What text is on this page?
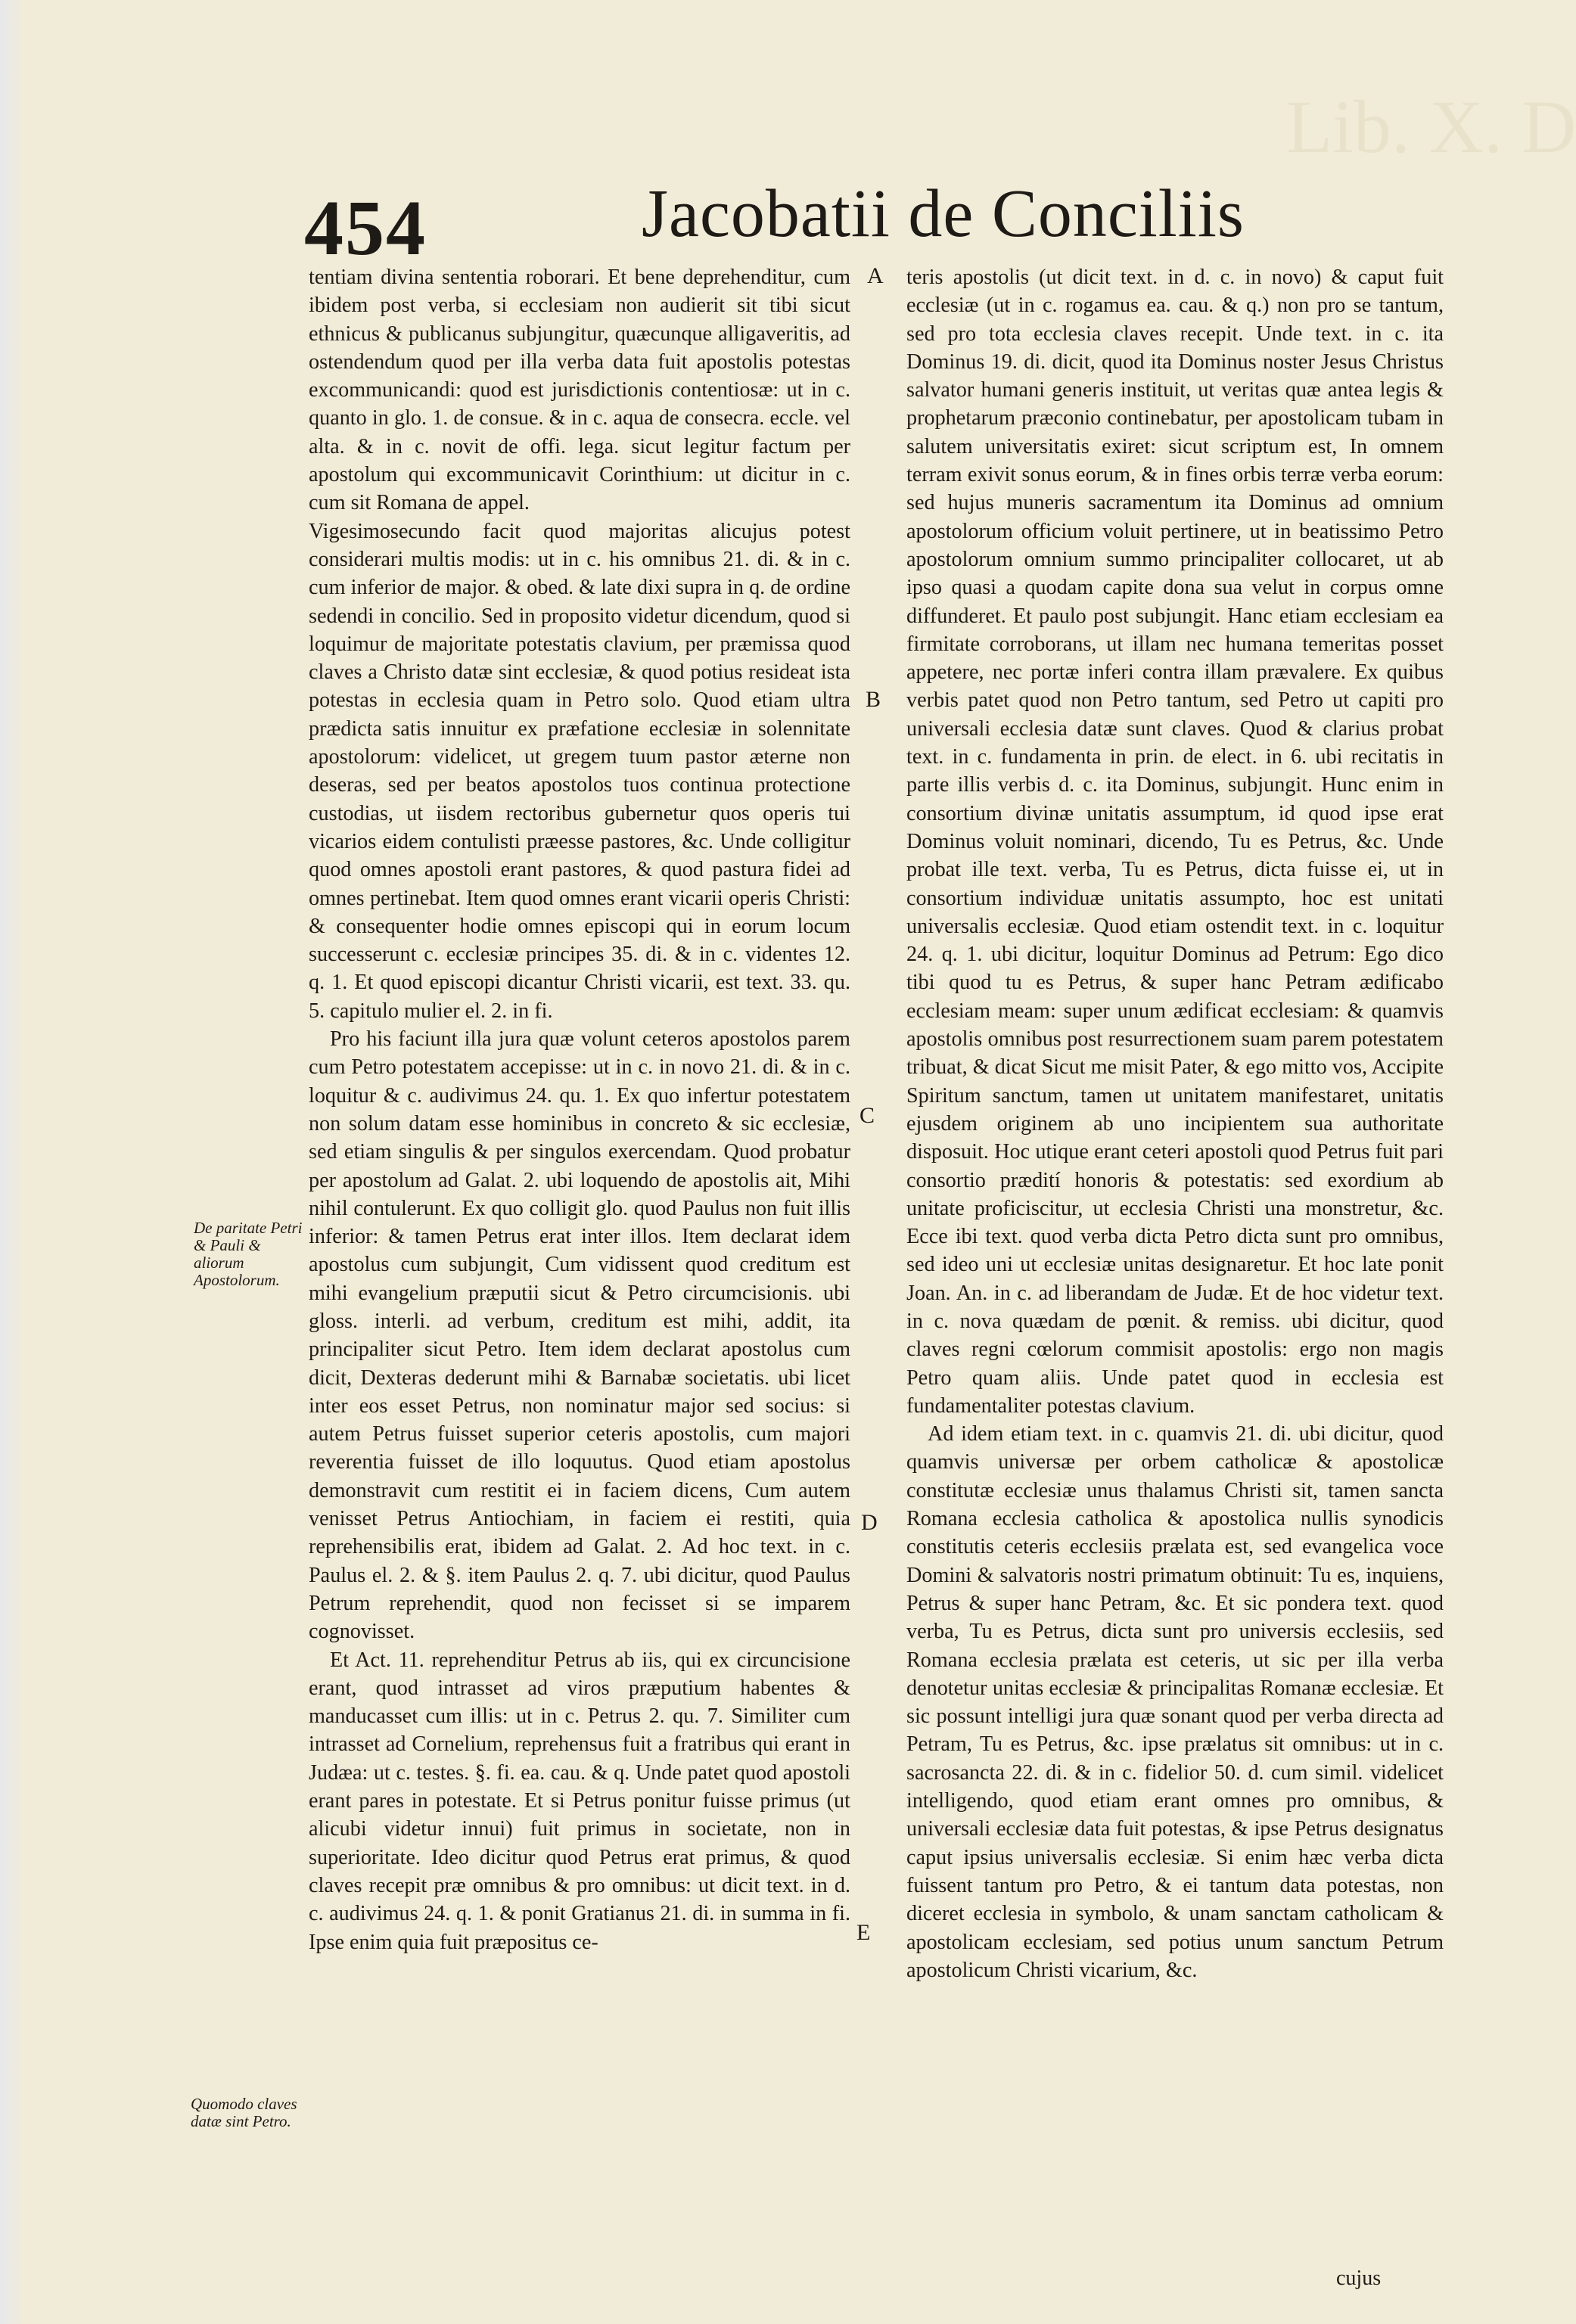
Lib. X. D
454	Jacobatii de Conciliis

tentiam divina sententia roborari. Et bene deprehenditur, cum ibidem post verba, si ecclesiam non audierit sit tibi sicut ethnicus & publicanus subjungitur, quæcunque alligaveritis, ad ostendendum quod per illa verba data fuit apostolis potestas excommunicandi: quod est jurisdictionis contentiosæ: ut in c. quanto in glo. 1. de consue. & in c. aqua de consecra. eccle. vel alta. & in c. novit de offi. lega. sicut legitur factum per apostolum qui excommunicavit Corinthium: ut dicitur in c. cum sit Romana de appel.

Vigesimosecundo facit quod majoritas alicujus potest considerari multis modis: ut in c. his omnibus 21. di. & in c. cum inferior de major. & obed. & late dixi supra in q. de ordine sedendi in concilio. Sed in proposito videtur dicendum, quod si loquimur de majoritate potestatis clavium, per præmissa quod claves a Christo datæ sint ecclesiæ, & quod potius resideat ista potestas in ecclesia quam in Petro solo. Quod etiam ultra prædicta satis innuitur ex præfatione ecclesiæ in solennitate apostolorum: videlicet, ut gregem tuum pastor æterne non deseras, sed per beatos apostolos tuos continua protectione custodias, ut iisdem rectoribus gubernetur quos operis tui vicarios eidem contulisti præesse pastores, &c. Unde colligitur quod omnes apostoli erant pastores, & quod pastura fidei ad omnes pertinebat. Item quod omnes erant vicarii operis Christi: & consequenter hodie omnes episcopi qui in eorum locum successerunt c. ecclesiæ principes 35. di. & in c. videntes 12. q. 1. Et quod episcopi dicantur Christi vicarii, est text. 33. qu. 5. capitulo mulier el. 2. in fi.

Pro his faciunt illa jura quæ volunt ceteros apostolos parem cum Petro potestatem accepisse: ut in c. in novo 21. di. & in c. loquitur & c. audivimus 24. qu. 1. Ex quo infertur potestatem non solum datam esse hominibus in concreto & sic ecclesiæ, sed etiam singulis & per singulos exercendam. Quod probatur per apostolum ad Galat. 2. ubi loquendo de apostolis ait, Mihi nihil contulerunt. Ex quo colligit glo. quod Paulus non fuit illis inferior: & tamen Petrus erat inter illos. Item declarat idem apostolus cum subjungit, Cum vidissent quod creditum est mihi evangelium præputii sicut & Petro circumcisionis. ubi gloss. interli. ad verbum, creditum est mihi, addit, ita principaliter sicut Petro. Item idem declarat apostolus cum dicit, Dexteras dederunt mihi & Barnabæ societatis. ubi licet inter eos esset Petrus, non nominatur major sed socius: si autem Petrus fuisset superior ceteris apostolis, cum majori reverentia fuisset de illo loquutus. Quod etiam apostolus demonstravit cum restitit ei in faciem dicens, Cum autem venisset Petrus Antiochiam, in faciem ei restiti, quia reprehensibilis erat, ibidem ad Galat. 2. Ad hoc text. in c. Paulus el. 2. & §. item Paulus 2. q. 7. ubi dicitur, quod Paulus Petrum reprehendit, quod non fecisset si se imparem cognovisset.

Et Act. 11. reprehenditur Petrus ab iis, qui ex circuncisione erant, quod intrasset ad viros præputium habentes & manducasset cum illis: ut in c. Petrus 2. qu. 7. Similiter cum intrasset ad Cornelium, reprehensus fuit a fratribus qui erant in Judæa: ut c. testes. §. fi. ea. cau. & q. Unde patet quod apostoli erant pares in potestate. Et si Petrus ponitur fuisse primus (ut alicubi videtur innui) fuit primus in societate, non in superioritate. Ideo dicitur quod Petrus erat primus, & quod claves recepit præ omnibus & pro omnibus: ut dicit text. in d. c. audivimus 24. q. 1. & ponit Gratianus 21. di. in summa in fi. Ipse enim quia fuit præpositus ce-

teris apostolis (ut dicit text. in d. c. in novo) & caput fuit ecclesiæ (ut in c. rogamus ea. cau. & q.) non pro se tantum, sed pro tota ecclesia claves recepit. Unde text. in c. ita Dominus 19. di. dicit, quod ita Dominus noster Jesus Christus salvator humani generis instituit, ut veritas quæ antea legis & prophetarum præconio continebatur, per apostolicam tubam in salutem universitatis exiret: sicut scriptum est, In omnem terram exivit sonus eorum, & in fines orbis terræ verba eorum: sed hujus muneris sacramentum ita Dominus ad omnium apostolorum officium voluit pertinere, ut in beatissimo Petro apostolorum omnium summo principaliter collocaret, ut ab ipso quasi a quodam capite dona sua velut in corpus omne diffunderet. Et paulo post subjungit. Hanc etiam ecclesiam ea firmitate corroborans, ut illam nec humana temeritas posset appetere, nec portæ inferi contra illam prævalere. Ex quibus verbis patet quod non Petro tantum, sed Petro ut capiti pro universali ecclesia datæ sunt claves. Quod & clarius probat text. in c. fundamenta in prin. de elect. in 6. ubi recitatis in parte illis verbis d. c. ita Dominus, subjungit. Hunc enim in consortium divinæ unitatis assumptum, id quod ipse erat Dominus voluit nominari, dicendo, Tu es Petrus, &c. Unde probat ille text. verba, Tu es Petrus, dicta fuisse ei, ut in consortium individuæ unitatis assumpto, hoc est unitati universalis ecclesiæ. Quod etiam ostendit text. in c. loquitur 24. q. 1. ubi dicitur, loquitur Dominus ad Petrum: Ego dico tibi quod tu es Petrus, & super hanc Petram ædificabo ecclesiam meam: super unum ædificat ecclesiam: & quamvis apostolis omnibus post resurrectionem suam parem potestatem tribuat, & dicat Sicut me misit Pater, & ego mitto vos, Accipite Spiritum sanctum, tamen ut unitatem manifestaret, unitatis ejusdem originem ab uno incipientem sua authoritate disposuit. Hoc utique erant ceteri apostoli quod Petrus fuit pari consortio prædití honoris & potestatis: sed exordium ab unitate proficiscitur, ut ecclesia Christi una monstretur, &c. Ecce ibi text. quod verba dicta Petro dicta sunt pro omnibus, sed ideo uni ut ecclesiæ unitas designaretur. Et hoc late ponit Joan. An. in c. ad liberandam de Judæ. Et de hoc videtur text. in c. nova quædam de pœnit. & remiss. ubi dicitur, quod claves regni cœlorum commisit apostolis: ergo non magis Petro quam aliis. Unde patet quod in ecclesia est fundamentaliter potestas clavium.

Ad idem etiam text. in c. quamvis 21. di. ubi dicitur, quod quamvis universæ per orbem catholicæ & apostolicæ constitutæ ecclesiæ unus thalamus Christi sit, tamen sancta Romana ecclesia catholica & apostolica nullis synodicis constitutis ceteris ecclesiis prælata est, sed evangelica voce Domini & salvatoris nostri primatum obtinuit: Tu es, inquiens, Petrus & super hanc Petram, &c. Et sic pondera text. quod verba, Tu es Petrus, dicta sunt pro universis ecclesiis, sed Romana ecclesia prælata est ceteris, ut sic per illa verba denotetur unitas ecclesiæ & principalitas Romanæ ecclesiæ. Et sic possunt intelligi jura quæ sonant quod per verba directa ad Petram, Tu es Petrus, &c. ipse prælatus sit omnibus: ut in c. sacrosancta 22. di. & in c. fidelior 50. d. cum simil. videlicet intelligendo, quod etiam erant omnes pro omnibus, & universali ecclesiæ data fuit potestas, & ipse Petrus designatus caput ipsius universalis ecclesiæ. Si enim hæc verba dicta fuissent tantum pro Petro, & ei tantum data potestas, non diceret ecclesia in symbolo, & unam sanctam catholicam & apostolicam ecclesiam, sed potius unum sanctum Petrum apostolicum Christi vicarium, &c.

A
B
C
D
E
De paritate Petri & Pauli & aliorum Apostolorum.
Quomodo claves datæ sint Petro.
cujus
